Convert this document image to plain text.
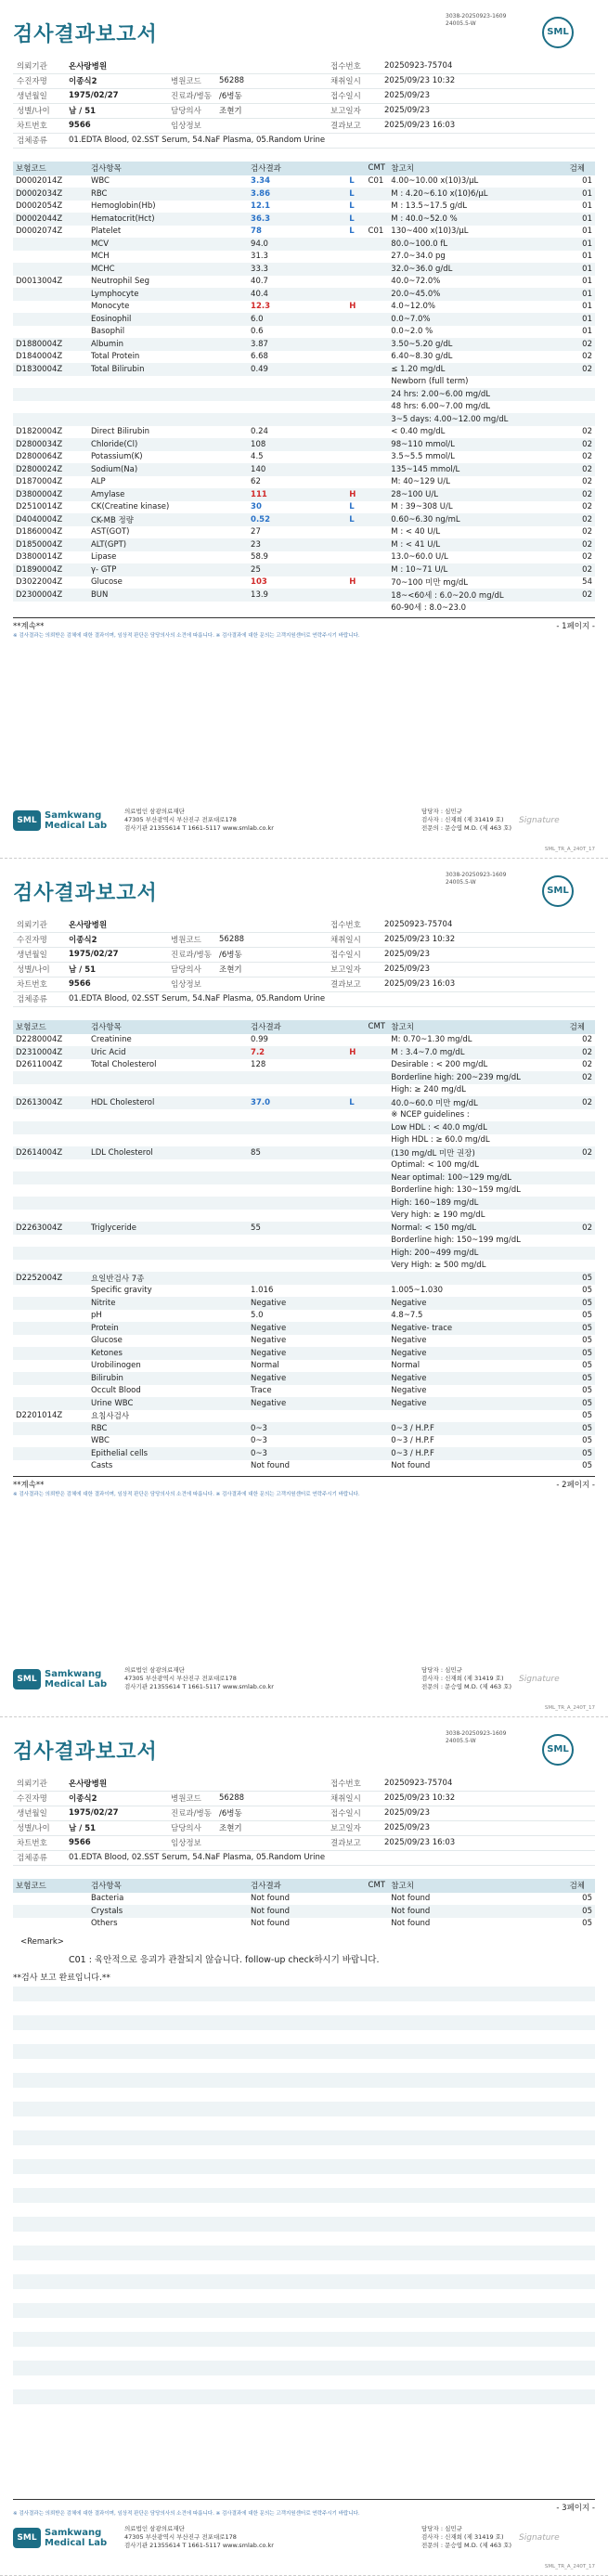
3038-20250923-1609
24005.5-W
SML
검사결과보고서
의뢰기관	온사랑병원			접수번호	20250923-75704
수진자명	이종식2	병원코드	56288	채취일시	2025/09/23 10:32
생년월일	1975/02/27	진료과/병동	/6병동	접수일시	2025/09/23
성별/나이	남 / 51	담당의사	조현기	보고일자	2025/09/23
차트번호	9566	임상정보		결과보고	2025/09/23 16:03
검체종류	01.EDTA Blood, 02.SST Serum, 54.NaF Plasma, 05.Random Urine				
보험코드	검사항목	검사결과		CMT	참고치	검체
D0002014Z	WBC	3.34	L	C01	4.00~10.00 x(10)3/μL	01
D0002034Z	RBC	3.86	L		M : 4.20~6.10 x(10)6/μL	01
D0002054Z	Hemoglobin(Hb)	12.1	L		M : 13.5~17.5 g/dL	01
D0002044Z	Hematocrit(Hct)	36.3	L		M : 40.0~52.0 %	01
D0002074Z	Platelet	78	L	C01	130~400 x(10)3/μL	01
	MCV	94.0			80.0~100.0 fL	01
	MCH	31.3			27.0~34.0 pg	01
	MCHC	33.3			32.0~36.0 g/dL	01
D0013004Z	Neutrophil Seg	40.7			40.0~72.0%	01
	Lymphocyte	40.4			20.0~45.0%	01
	Monocyte	12.3	H		4.0~12.0%	01
	Eosinophil	6.0			0.0~7.0%	01
	Basophil	0.6			0.0~2.0 %	01
D1880004Z	Albumin	3.87			3.50~5.20 g/dL	02
D1840004Z	Total Protein	6.68			6.40~8.30 g/dL	02
D1830004Z	Total Bilirubin	0.49			≤ 1.20 mg/dL	02
					Newborn (full term)	
					24 hrs: 2.00~6.00 mg/dL	
					48 hrs: 6.00~7.00 mg/dL	
					3~5 days: 4.00~12.00 mg/dL	
D1820004Z	Direct Bilirubin	0.24			< 0.40 mg/dL	02
D2800034Z	Chloride(Cl)	108			98~110 mmol/L	02
D2800064Z	Potassium(K)	4.5			3.5~5.5 mmol/L	02
D2800024Z	Sodium(Na)	140			135~145 mmol/L	02
D1870004Z	ALP	62			M: 40~129 U/L	02
D3800004Z	Amylase	111	H		28~100 U/L	02
D2510014Z	CK(Creatine kinase)	30	L		M : 39~308 U/L	02
D4040004Z	CK-MB 정량	0.52	L		0.60~6.30 ng/mL	02
D1860004Z	AST(GOT)	27			M : < 40 U/L	02
D1850004Z	ALT(GPT)	23			M : < 41 U/L	02
D3800014Z	Lipase	58.9			13.0~60.0 U/L	02
D1890004Z	γ- GTP	25			M : 10~71 U/L	02
D3022004Z	Glucose	103	H		70~100 미만 mg/dL	54
D2300004Z	BUN	13.9			18~<60세 : 6.0~20.0 mg/dL	02
					60-90세 : 8.0~23.0	
**계속**	- 1페이지 -
※ 검사결과는 의뢰받은 검체에 대한 결과이며, 임상적 판단은 담당의사의 소견에 따릅니다. ※ 검사결과에 대한 문의는 고객지원센터로 연락주시기 바랍니다.
SML Samkwang
Medical Lab
의료법인 삼광의료재단
47305 부산광역시 부산진구 전포대로178
검사기관 21355614 T 1661-5117 www.smlab.co.kr
담당자 : 심민규
검사자 : 신재희 (제 31419 호)
전문의 : 문승엽 M.D. (제 463 호)
Signature
SML_TR_A_240T_17
3038-20250923-1609
24005.5-W
SML
검사결과보고서
의뢰기관	온사랑병원			접수번호	20250923-75704
수진자명	이종식2	병원코드	56288	채취일시	2025/09/23 10:32
생년월일	1975/02/27	진료과/병동	/6병동	접수일시	2025/09/23
성별/나이	남 / 51	담당의사	조현기	보고일자	2025/09/23
차트번호	9566	임상정보		결과보고	2025/09/23 16:03
검체종류	01.EDTA Blood, 02.SST Serum, 54.NaF Plasma, 05.Random Urine				
보험코드	검사항목	검사결과		CMT	참고치	검체
D2280004Z	Creatinine	0.99			M: 0.70~1.30 mg/dL	02
D2310004Z	Uric Acid	7.2	H		M : 3.4~7.0 mg/dL	02
D2611004Z	Total Cholesterol	128			Desirable : < 200 mg/dL	02
					Borderline high: 200~239 mg/dL	02
					High: ≥ 240 mg/dL	
D2613004Z	HDL Cholesterol	37.0	L		40.0~60.0 미만 mg/dL	02
					※ NCEP guidelines :	
					Low HDL : < 40.0 mg/dL	
					High HDL : ≥ 60.0 mg/dL	
D2614004Z	LDL Cholesterol	85			(130 mg/dL 미만 권장)	02
					Optimal: < 100 mg/dL	
					Near optimal: 100~129 mg/dL	
					Borderline high: 130~159 mg/dL	
					High: 160~189 mg/dL	
					Very high: ≥ 190 mg/dL	
D2263004Z	Triglyceride	55			Normal: < 150 mg/dL	02
					Borderline high: 150~199 mg/dL	
					High: 200~499 mg/dL	
					Very High: ≥ 500 mg/dL	
D2252004Z	요일반검사 7종					05
	Specific gravity	1.016			1.005~1.030	05
	Nitrite	Negative			Negative	05
	pH	5.0			4.8~7.5	05
	Protein	Negative			Negative- trace	05
	Glucose	Negative			Negative	05
	Ketones	Negative			Negative	05
	Urobilinogen	Normal			Normal	05
	Bilirubin	Negative			Negative	05
	Occult Blood	Trace			Negative	05
	Urine WBC	Negative			Negative	05
D2201014Z	요침사검사					05
	RBC	0~3			0~3 / H.P.F	05
	WBC	0~3			0~3 / H.P.F	05
	Epithelial cells	0~3			0~3 / H.P.F	05
	Casts	Not found			Not found	05
**계속**	- 2페이지 -
※ 검사결과는 의뢰받은 검체에 대한 결과이며, 임상적 판단은 담당의사의 소견에 따릅니다. ※ 검사결과에 대한 문의는 고객지원센터로 연락주시기 바랍니다.
SML Samkwang
Medical Lab
의료법인 삼광의료재단
47305 부산광역시 부산진구 전포대로178
검사기관 21355614 T 1661-5117 www.smlab.co.kr
담당자 : 심민규
검사자 : 신재희 (제 31419 호)
전문의 : 문승엽 M.D. (제 463 호)
Signature
SML_TR_A_240T_17
3038-20250923-1609
24005.5-W
SML
검사결과보고서
의뢰기관	온사랑병원			접수번호	20250923-75704
수진자명	이종식2	병원코드	56288	채취일시	2025/09/23 10:32
생년월일	1975/02/27	진료과/병동	/6병동	접수일시	2025/09/23
성별/나이	남 / 51	담당의사	조현기	보고일자	2025/09/23
차트번호	9566	임상정보		결과보고	2025/09/23 16:03
검체종류	01.EDTA Blood, 02.SST Serum, 54.NaF Plasma, 05.Random Urine				
보험코드	검사항목	검사결과		CMT	참고치	검체
	Bacteria	Not found			Not found	05
	Crystals	Not found			Not found	05
	Others	Not found			Not found	05
<Remark>
C01 : 육안적으로 응괴가 관찰되지 않습니다. follow-up check하시기 바랍니다.
**검사 보고 완료입니다.**
- 3페이지 -
※ 검사결과는 의뢰받은 검체에 대한 결과이며, 임상적 판단은 담당의사의 소견에 따릅니다. ※ 검사결과에 대한 문의는 고객지원센터로 연락주시기 바랍니다.
SML Samkwang
Medical Lab
의료법인 삼광의료재단
47305 부산광역시 부산진구 전포대로178
검사기관 21355614 T 1661-5117 www.smlab.co.kr
담당자 : 심민규
검사자 : 신재희 (제 31419 호)
전문의 : 문승엽 M.D. (제 463 호)
Signature
SML_TR_A_240T_17
